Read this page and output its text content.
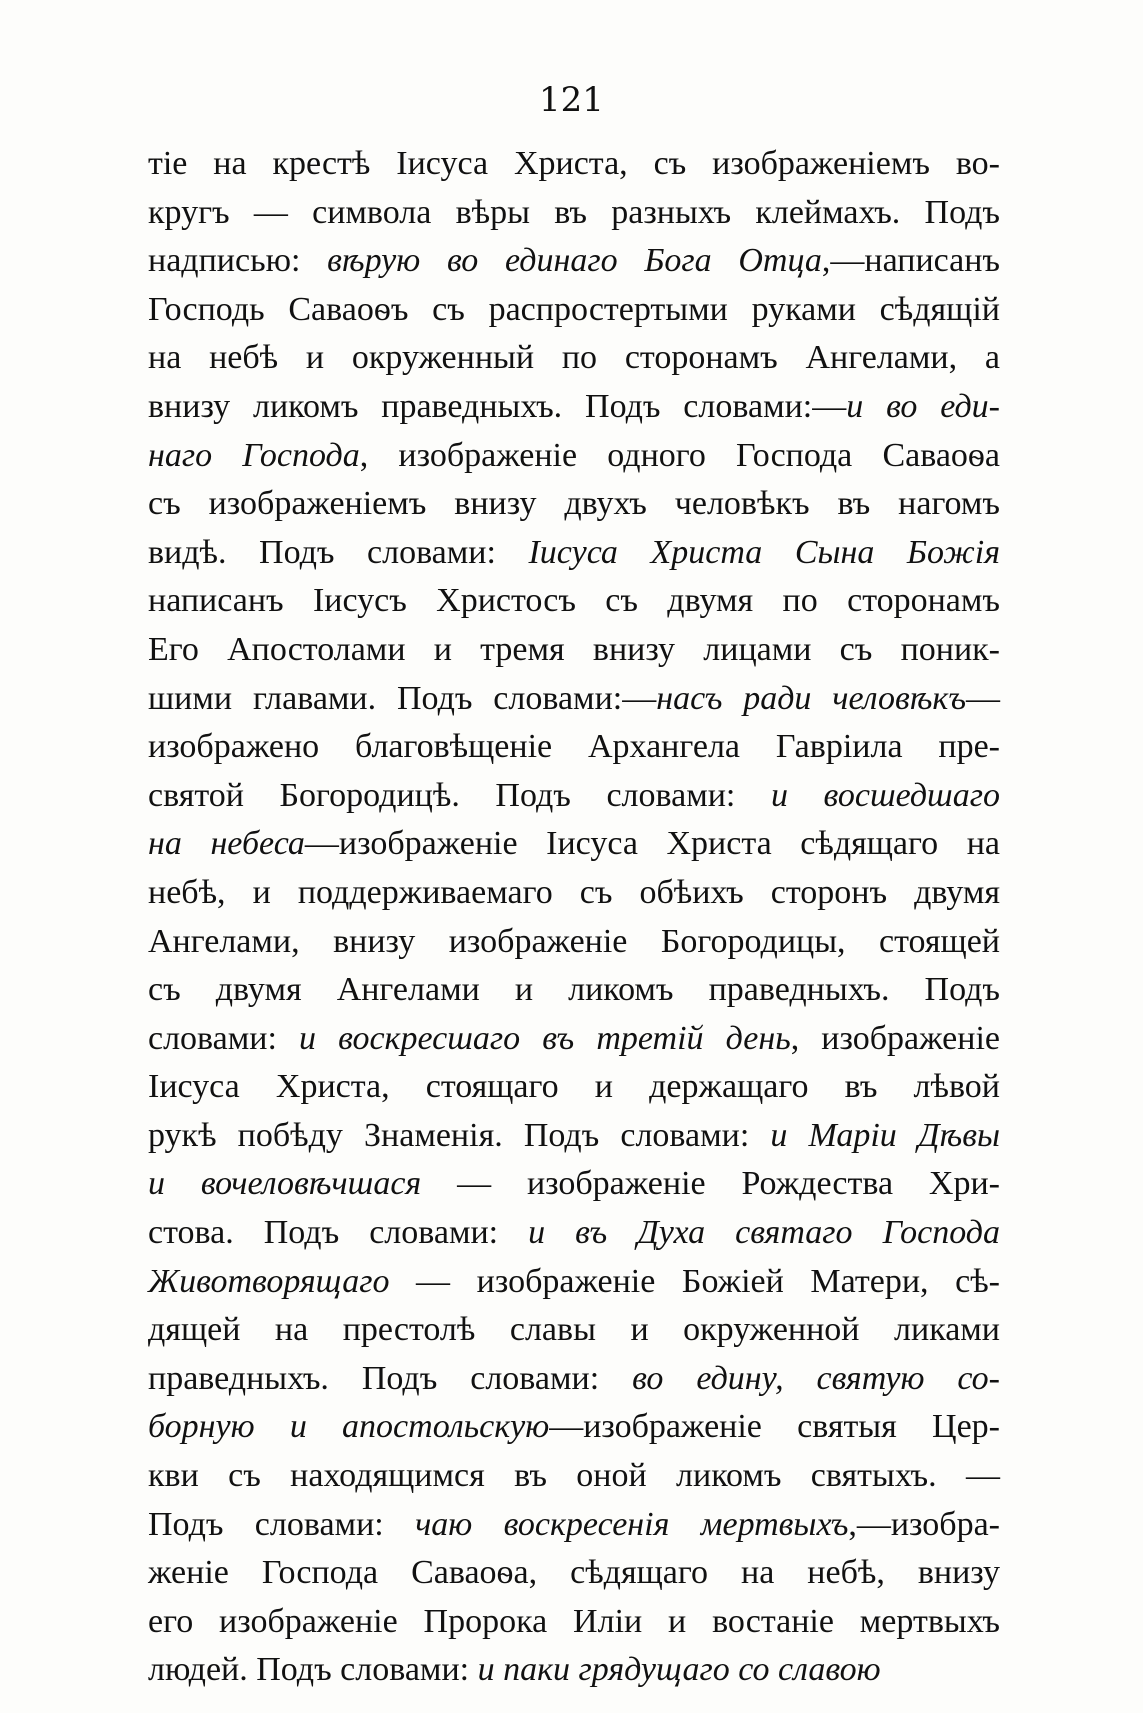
121
тіе на крестѣ Іисуса Христа, съ изображеніемъ во-
кругъ — символа вѣры въ разныхъ клеймахъ. Подъ
надписью: вѣрую во единаго Бога Отца,—написанъ
Господь Саваоѳъ съ распростертыми руками сѣдящій
на небѣ и окруженный по сторонамъ Ангелами, а
внизу ликомъ праведныхъ. Подъ словами:—и во еди-
наго Господа, изображеніе одного Господа Саваоѳа
съ изображеніемъ внизу двухъ человѣкъ въ нагомъ
видѣ. Подъ словами: Іисуса Христа Сына Божія
написанъ Іисусъ Христосъ съ двумя по сторонамъ
Его Апостолами и тремя внизу лицами съ поник-
шими главами. Подъ словами:—насъ ради человѣкъ—
изображено благовѣщеніе Архангела Гавріила пре-
святой Богородицѣ. Подъ словами: и восшедшаго
на небеса—изображеніе Іисуса Христа сѣдящаго на
небѣ, и поддерживаемаго съ обѣихъ сторонъ двумя
Ангелами, внизу изображеніе Богородицы, стоящей
съ двумя Ангелами и ликомъ праведныхъ. Подъ
словами: и воскресшаго въ третій день, изображеніе
Іисуса Христа, стоящаго и держащаго въ лѣвой
рукѣ побѣду Знаменія. Подъ словами: и Маріи Дѣвы
и вочеловѣчшася — изображеніе Рождества Хри-
стова. Подъ словами: и въ Духа святаго Господа
Животворящаго — изображеніе Божіей Матери, сѣ-
дящей на престолѣ славы и окруженной ликами
праведныхъ. Подъ словами: во едину, святую со-
борную и апостольскую—изображеніе святыя Цер-
кви съ находящимся въ оной ликомъ святыхъ. —
Подъ словами: чаю воскресенія мертвыхъ,—изобра-
женіе Господа Саваоѳа, сѣдящаго на небѣ, внизу
его изображеніе Пророка Иліи и востаніе мертвыхъ
людей. Подъ словами: и паки грядущаго со славою
